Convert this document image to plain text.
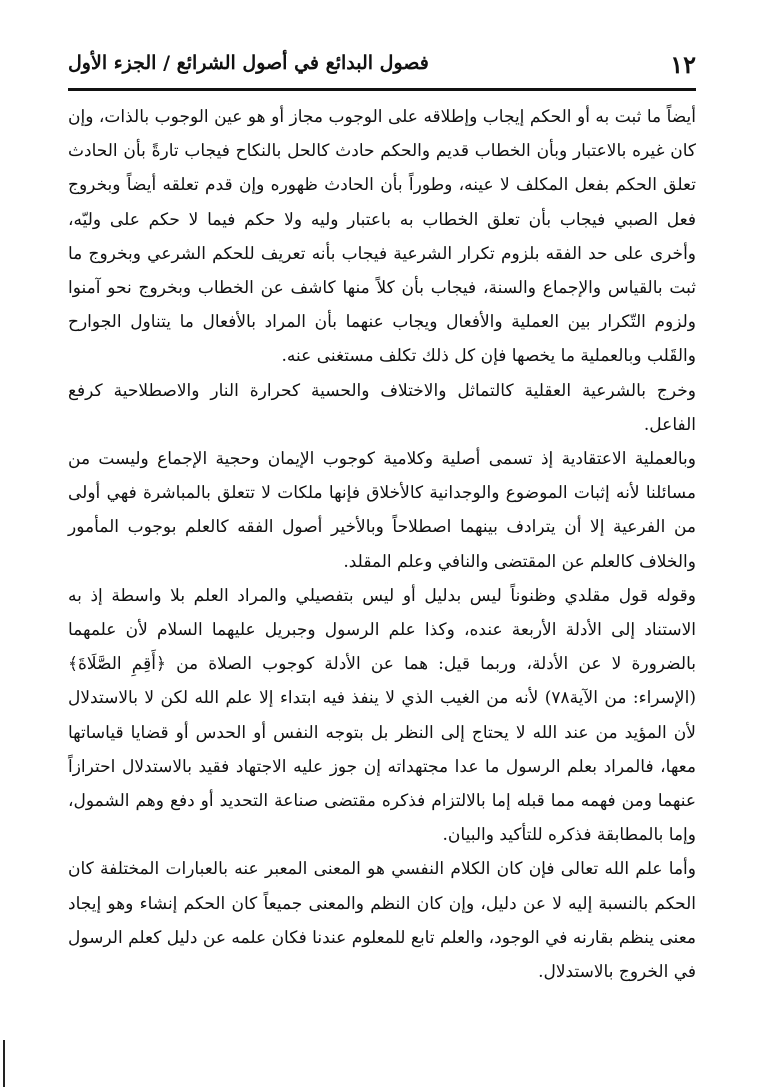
١٢
فصول البدائع في أصول الشرائع / الجزء الأول

أيضاً ما ثبت به أو الحكم إيجاب وإطلاقه على الوجوب مجاز أو هو عين الوجوب بالذات، وإن كان غيره بالاعتبار وبأن الخطاب قديم والحكم حادث كالحل بالنكاح فيجاب تارةً بأن الحادث تعلق الحكم بفعل المكلف لا عينه، وطوراً بأن الحادث ظهوره وإن قدم تعلقه أيضاً وبخروج فعل الصبي فيجاب بأن تعلق الخطاب به باعتبار وليه ولا حكم فيما لا حكم على وليّه، وأخرى على حد الفقه بلزوم تكرار الشرعية فيجاب بأنه تعريف للحكم الشرعي وبخروج ما ثبت بالقياس والإجماع والسنة، فيجاب بأن كلاً منها كاشف عن الخطاب وبخروج نحو آمنوا ولزوم التّكرار بين العملية والأفعال ويجاب عنهما بأن المراد بالأفعال ما يتناول الجوارح والقَلب وبالعملية ما يخصها فإن كل ذلك تكلف مستغنى عنه.

وخرج بالشرعية العقلية كالتماثل والاختلاف والحسية كحرارة النار والاصطلاحية كرفع الفاعل.

وبالعملية الاعتقادية إذ تسمى أصلية وكلامية كوجوب الإيمان وحجية الإجماع وليست من مسائلنا لأنه إثبات الموضوع والوجدانية كالأخلاق فإنها ملكات لا تتعلق بالمباشرة فهي أولى من الفرعية إلا أن يترادف بينهما اصطلاحاً وبالأخير أصول الفقه كالعلم بوجوب المأمور والخلاف كالعلم عن المقتضى والنافي وعلم المقلد.

وقوله قول مقلدي وظنوناً ليس بدليل أو ليس بتفصيلي والمراد العلم بلا واسطة إذ به الاستناد إلى الأدلة الأربعة عنده، وكذا علم الرسول وجبريل عليهما السلام لأن علمهما بالضرورة لا عن الأدلة، وربما قيل: هما عن الأدلة كوجوب الصلاة من ﴿أَقِمِ الصَّلَاةَ﴾ (الإسراء: من الآية٧٨) لأنه من الغيب الذي لا ينفذ فيه ابتداء إلا علم الله لكن لا بالاستدلال لأن المؤيد من عند الله لا يحتاج إلى النظر بل بتوجه النفس أو الحدس أو قضايا قياساتها معها، فالمراد بعلم الرسول ما عدا مجتهداته إن جوز عليه الاجتهاد فقيد بالاستدلال احترازاً عنهما ومن فهمه مما قبله إما بالالتزام فذكره مقتضى صناعة التحديد أو دفع وهم الشمول، وإما بالمطابقة فذكره للتأكيد والبيان.

وأما علم الله تعالى فإن كان الكلام النفسي هو المعنى المعبر عنه بالعبارات المختلفة كان الحكم بالنسبة إليه لا عن دليل، وإن كان النظم والمعنى جميعاً كان الحكم إنشاء وهو إيجاد معنى ينظم بقارنه في الوجود، والعلم تابع للمعلوم عندنا فكان علمه عن دليل كعلم الرسول في الخروج بالاستدلال.
